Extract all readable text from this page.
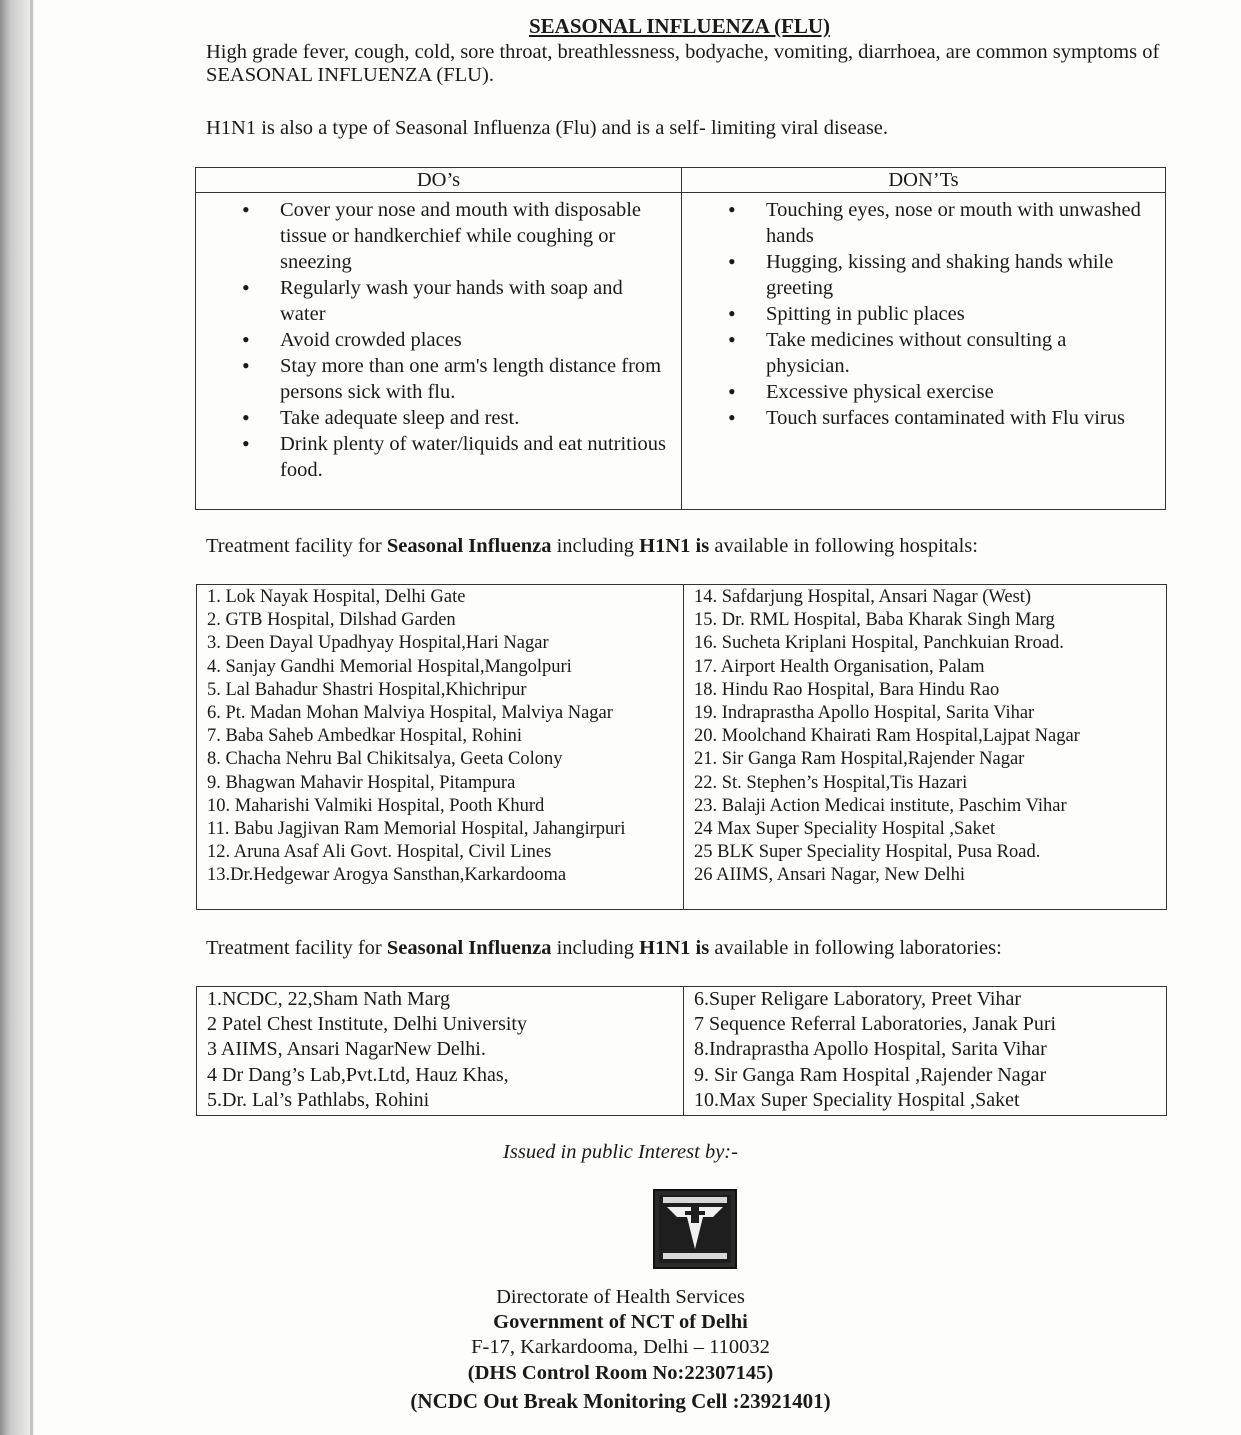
SEASONAL INFLUENZA (FLU)
High grade fever, cough, cold, sore throat, breathlessness, bodyache, vomiting, diarrhoea, are common symptoms of SEASONAL INFLUENZA (FLU).
H1N1 is also a type of Seasonal Influenza (Flu) and is a self- limiting viral disease.
DO’s
• Cover your nose and mouth with disposable tissue or handkerchief while coughing or sneezing
• Regularly wash your hands with soap and water
• Avoid crowded places
• Stay more than one arm's length distance from persons sick with flu.
• Take adequate sleep and rest.
• Drink plenty of water/liquids and eat nutritious food.
DON’Ts
• Touching eyes, nose or mouth with unwashed hands
• Hugging, kissing and shaking hands while greeting
• Spitting in public places
• Take medicines without consulting a physician.
• Excessive physical exercise
• Touch surfaces contaminated with Flu virus
Treatment facility for Seasonal Influenza including H1N1 is available in following hospitals:
1. Lok Nayak Hospital, Delhi Gate
2. GTB Hospital, Dilshad Garden
3. Deen Dayal Upadhyay Hospital,Hari Nagar
4. Sanjay Gandhi Memorial Hospital,Mangolpuri
5. Lal Bahadur Shastri Hospital,Khichripur
6. Pt. Madan Mohan Malviya Hospital, Malviya Nagar
7. Baba Saheb Ambedkar Hospital, Rohini
8. Chacha Nehru Bal Chikitsalya, Geeta Colony
9. Bhagwan Mahavir Hospital, Pitampura
10. Maharishi Valmiki Hospital, Pooth Khurd
11. Babu Jagjivan Ram Memorial Hospital, Jahangirpuri
12. Aruna Asaf Ali Govt. Hospital, Civil Lines
13.Dr.Hedgewar Arogya Sansthan,Karkardooma
14. Safdarjung Hospital, Ansari Nagar (West)
15. Dr. RML Hospital, Baba Kharak Singh Marg
16. Sucheta Kriplani Hospital, Panchkuian Rroad.
17. Airport Health Organisation, Palam
18. Hindu Rao Hospital, Bara Hindu Rao
19. Indraprastha Apollo Hospital, Sarita Vihar
20. Moolchand Khairati Ram Hospital,Lajpat Nagar
21. Sir Ganga Ram Hospital,Rajender Nagar
22. St. Stephen’s Hospital,Tis Hazari
23. Balaji Action Medicai institute, Paschim Vihar
24 Max Super Speciality Hospital ,Saket
25 BLK Super Speciality Hospital, Pusa Road.
26 AIIMS, Ansari Nagar, New Delhi
Treatment facility for Seasonal Influenza including H1N1 is available in following laboratories:
1.NCDC, 22,Sham Nath Marg
2 Patel Chest Institute, Delhi University
3 AIIMS, Ansari NagarNew Delhi.
4 Dr Dang’s Lab,Pvt.Ltd, Hauz Khas,
5.Dr. Lal’s Pathlabs, Rohini
6.Super Religare Laboratory, Preet Vihar
7 Sequence Referral Laboratories, Janak Puri
8.Indraprastha Apollo Hospital, Sarita Vihar
9. Sir Ganga Ram Hospital ,Rajender Nagar
10.Max Super Speciality Hospital ,Saket
Issued in public Interest by:-
Directorate of Health Services
Government of NCT of Delhi
F-17, Karkardooma, Delhi – 110032
(DHS Control Room No:22307145)
(NCDC Out Break Monitoring Cell :23921401)
